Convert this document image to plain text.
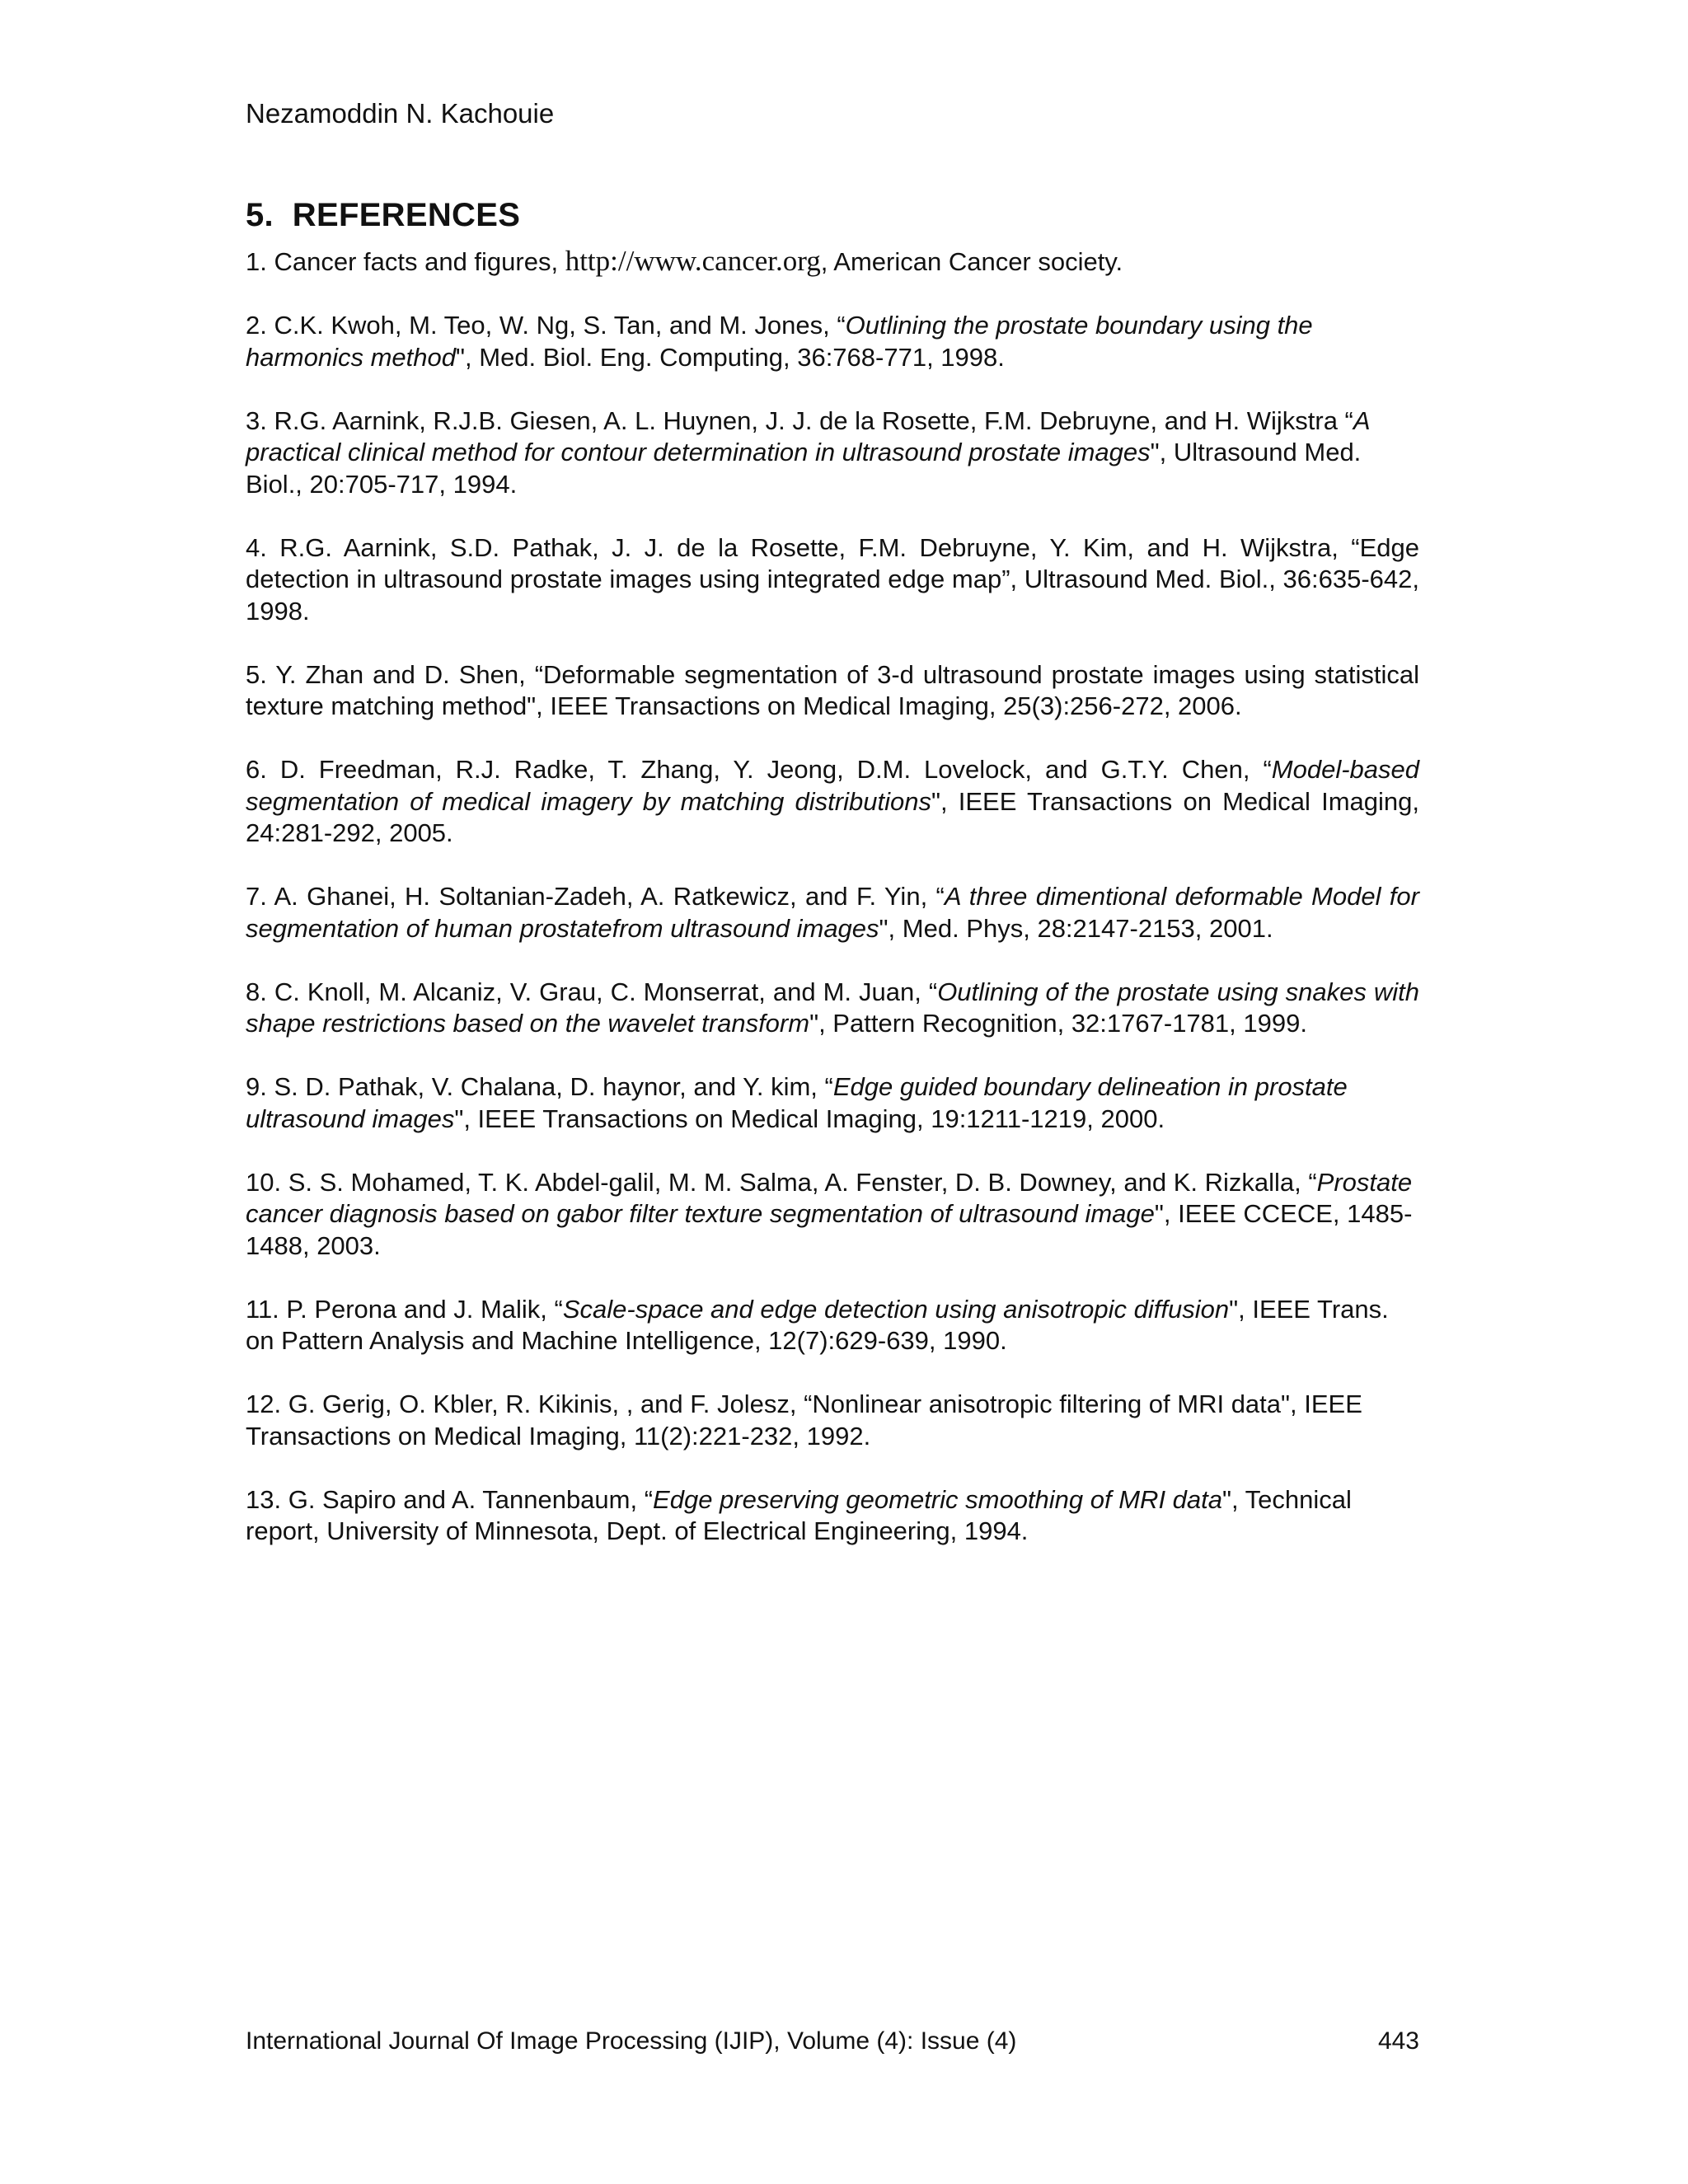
Nezamoddin N. Kachouie
5. REFERENCES
1. Cancer facts and figures, http://www.cancer.org, American Cancer society.
2. C.K. Kwoh, M. Teo, W. Ng, S. Tan, and M. Jones, “Outlining the prostate boundary using the harmonics method", Med. Biol. Eng. Computing, 36:768-771, 1998.
3. R.G. Aarnink, R.J.B. Giesen, A. L. Huynen, J. J. de la Rosette, F.M. Debruyne, and H. Wijkstra “A practical clinical method for contour determination in ultrasound prostate images", Ultrasound Med. Biol., 20:705-717, 1994.
4. R.G. Aarnink, S.D. Pathak, J. J. de la Rosette, F.M. Debruyne, Y. Kim, and H. Wijkstra, “Edge detection in ultrasound prostate images using integrated edge map”, Ultrasound Med. Biol., 36:635-642, 1998.
5. Y. Zhan and D. Shen, “Deformable segmentation of 3-d ultrasound prostate images using statistical texture matching method", IEEE Transactions on Medical Imaging, 25(3):256-272, 2006.
6. D. Freedman, R.J. Radke, T. Zhang, Y. Jeong, D.M. Lovelock, and G.T.Y. Chen, “Model-based segmentation of medical imagery by matching distributions", IEEE Transactions on Medical Imaging, 24:281-292, 2005.
7. A. Ghanei, H. Soltanian-Zadeh, A. Ratkewicz, and F. Yin, “A three dimentional deformable Model for segmentation of human prostatefrom ultrasound images", Med. Phys, 28:2147-2153, 2001.
8. C. Knoll, M. Alcaniz, V. Grau, C. Monserrat, and M. Juan, “Outlining of the prostate using snakes with shape restrictions based on the wavelet transform", Pattern Recognition, 32:1767-1781, 1999.
9. S. D. Pathak, V. Chalana, D. haynor, and Y. kim, “Edge guided boundary delineation in prostate ultrasound images", IEEE Transactions on Medical Imaging, 19:1211-1219, 2000.
10. S. S. Mohamed, T. K. Abdel-galil, M. M. Salma, A. Fenster, D. B. Downey, and K. Rizkalla, “Prostate cancer diagnosis based on gabor filter texture segmentation of ultrasound image", IEEE CCECE, 1485-1488, 2003.
11. P. Perona and J. Malik, “Scale-space and edge detection using anisotropic diffusion", IEEE Trans. on Pattern Analysis and Machine Intelligence, 12(7):629-639, 1990.
12. G. Gerig, O. Kbler, R. Kikinis, , and F. Jolesz, “Nonlinear anisotropic filtering of MRI data", IEEE Transactions on Medical Imaging, 11(2):221-232, 1992.
13. G. Sapiro and A. Tannenbaum, “Edge preserving geometric smoothing of MRI data", Technical report, University of Minnesota, Dept. of Electrical Engineering, 1994.
International Journal Of Image Processing (IJIP), Volume (4): Issue (4)	443
